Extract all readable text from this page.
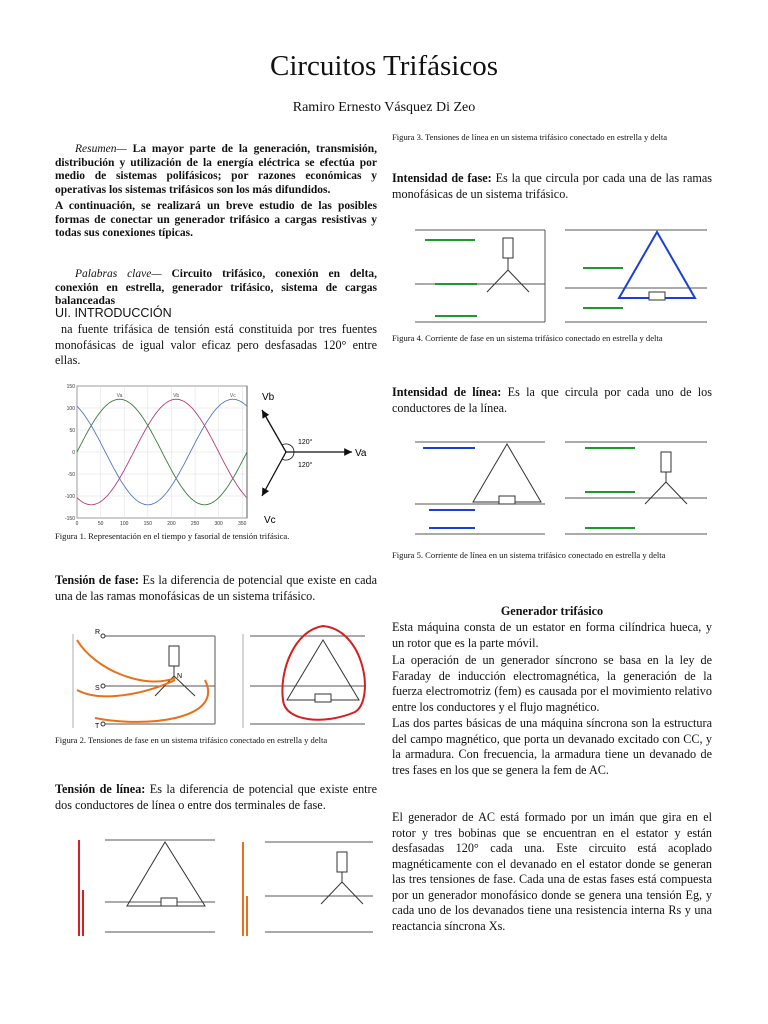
Circuitos Trifásicos
Ramiro Ernesto Vásquez Di Zeo

Resumen— La mayor parte de la generación, transmisión, distribución y utilización de la energía eléctrica se efectúa por medio de sistemas polifásicos; por razones económicas y operativas los sistemas trifásicos son los más difundidos.

A continuación, se realizará un breve estudio de las posibles formas de conectar un generador trifásico a cargas resistivas y todas sus conexiones típicas.

Palabras clave— Circuito trifásico, conexión en delta, conexión en estrella, generador trifásico, sistema de cargas balanceadas

UI. INTRODUCCIÓN

na fuente trifásica de tensión está constituida por tres fuentes monofásicas de igual valor eficaz pero desfasadas 120° entre ellas.

150
100
50
0
-50
-100
-150
0	50	100	150	200	250	300	350
Va	Vb	Vc	Vb
Va
Vc
120°
120°

Figura 1. Representación en el tiempo y fasorial de tensión trifásica.

Tensión de fase: Es la diferencia de potencial que existe en cada una de las ramas monofásicas de un sistema trifásico.

R
S
T
N

Figura 2. Tensiones de fase en un sistema trifásico conectado en estrella y delta

Tensión de línea: Es la diferencia de potencial que existe entre dos conductores de línea o entre dos terminales de fase.

Figura 3. Tensiones de línea en un sistema trifásico conectado en estrella y delta

Intensidad de fase: Es la que circula por cada una de las ramas monofásicas de un sistema trifásico.

Figura 4. Corriente de fase en un sistema trifásico conectado en estrella y delta

Intensidad de línea: Es la que circula por cada uno de los conductores de la línea.

Figura 5. Corriente de línea en un sistema trifásico conectado en estrella y delta

Generador trifásico

Esta máquina consta de un estator en forma cilíndrica hueca, y un rotor que es la parte móvil.

La operación de un generador síncrono se basa en la ley de Faraday de inducción electromagnética, la generación de la fuerza electromotriz (fem) es causada por el movimiento relativo entre los conductores y el flujo magnético.

Las dos partes básicas de una máquina síncrona son la estructura del campo magnético, que porta un devanado excitado con CC, y la armadura. Con frecuencia, la armadura tiene un devanado de tres fases en los que se genera la fem de AC.

El generador de AC está formado por un imán que gira en el rotor y tres bobinas que se encuentran en el estator y están desfasadas 120° cada una. Este circuito está acoplado magnéticamente con el devanado en el estator donde se generan las tres tensiones de fase. Cada una de estas fases está compuesta por un generador monofásico donde se genera una tensión Eg, y cada uno de los devanados tiene una resistencia interna Rs y una reactancia síncrona Xs.
